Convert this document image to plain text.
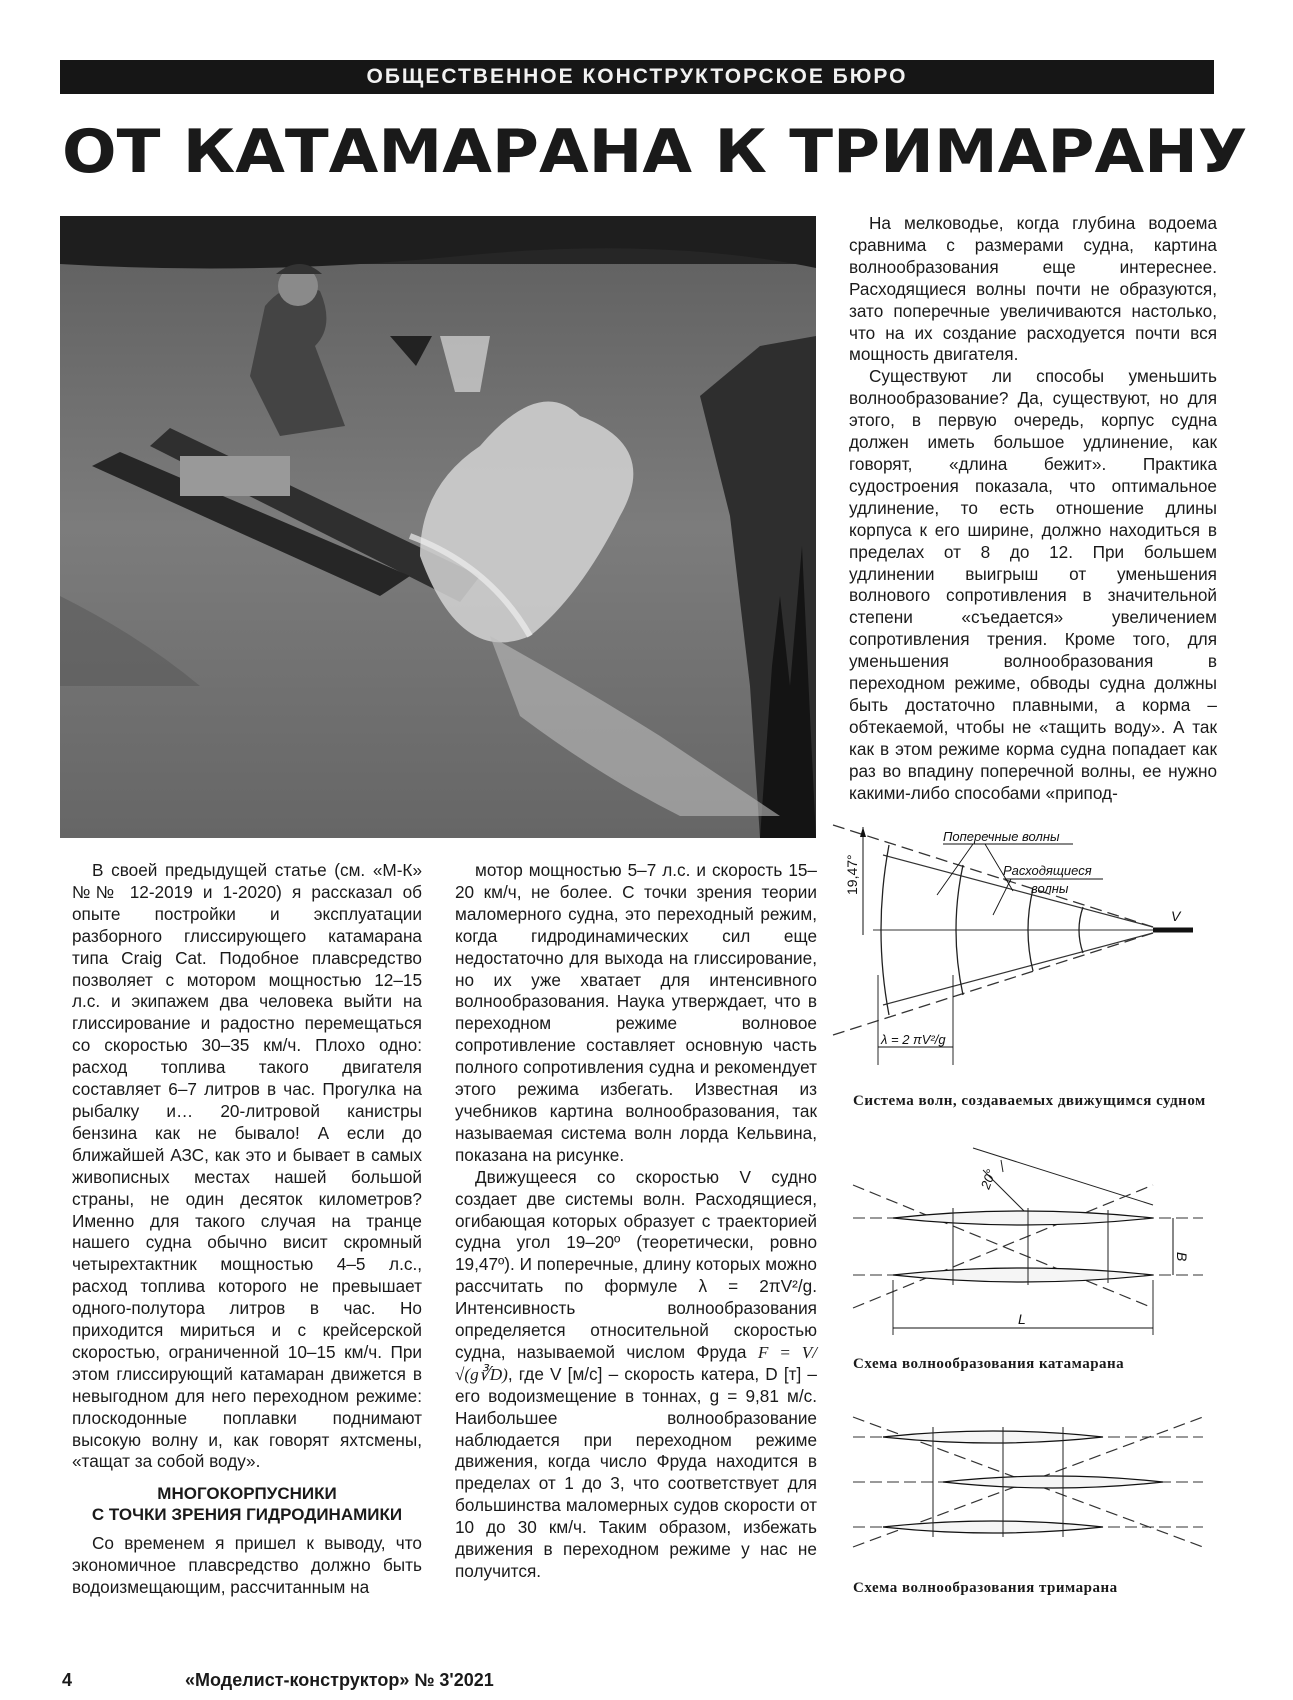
ОБЩЕСТВЕННОЕ КОНСТРУКТОРСКОЕ БЮРО
ОТ КАТАМАРАНА К ТРИМАРАНУ

На мелководье, когда глубина водоема сравнима с размерами судна, картина волнообразования еще интереснее. Расходящиеся волны почти не образуются, зато поперечные увеличиваются настолько, что на их создание расходуется почти вся мощность двигателя.

Существуют ли способы уменьшить волнообразование? Да, существуют, но для этого, в первую очередь, корпус судна должен иметь большое удлинение, как говорят, «длина бежит». Практика судостроения показала, что оптимальное удлинение, то есть отношение длины корпуса к его ширине, должно находиться в пределах от 8 до 12. При большем удлинении выигрыш от уменьшения волнового сопротивления в значительной степени «съедается» увеличением сопротивления трения. Кроме того, для уменьшения волнообразования в переходном режиме, обводы судна должны быть достаточно плавными, а корма – обтекаемой, чтобы не «тащить воду». А так как в этом режиме корма судна попадает как раз во впадину поперечной волны, ее нужно какими-либо способами «припод-

19,47°
Поперечные волны
Расходящиеся
волны
V
λ = 2 πV²/g

Система волн, создаваемых движущимся судном

20°
B
L

Схема волнообразования катамарана

Схема волнообразования тримарана

В своей предыдущей статье (см. «М-К» №№ 12-2019 и 1-2020) я рассказал об опыте постройки и эксплуатации разборного глиссирующего катамарана типа Craig Cat. Подобное плавсредство позволяет с мотором мощностью 12–15 л.с. и экипажем два человека выйти на глиссирование и радостно перемещаться со скоростью 30–35 км/ч. Плохо одно: расход топлива такого двигателя составляет 6–7 литров в час. Прогулка на рыбалку и… 20-литровой канистры бензина как не бывало! А если до ближайшей АЗС, как это и бывает в самых живописных местах нашей большой страны, не один десяток километров? Именно для такого случая на транце нашего судна обычно висит скромный четырехтактник мощностью 4–5 л.с., расход топлива которого не превышает одного-полутора литров в час. Но приходится мириться и с крейсерской скоростью, ограниченной 10–15 км/ч. При этом глиссирующий катамаран движется в невыгодном для него переходном режиме: плоскодонные поплавки поднимают высокую волну и, как говорят яхтсмены, «тащат за собой воду».

МНОГОКОРПУСНИКИ
С ТОЧКИ ЗРЕНИЯ ГИДРОДИНАМИКИ

Со временем я пришел к выводу, что экономичное плавсредство должно быть водоизмещающим, рассчитанным на

мотор мощностью 5–7 л.с. и скорость 15–20 км/ч, не более. С точки зрения теории маломерного судна, это переходный режим, когда гидродинамических сил еще недостаточно для выхода на глиссирование, но их уже хватает для интенсивного волнообразования. Наука утверждает, что в переходном режиме волновое сопротивление составляет основную часть полного сопротивления судна и рекомендует этого режима избегать. Известная из учебников картина волнообразования, так называемая система волн лорда Кельвина, показана на рисунке.

Движущееся со скоростью V судно создает две системы волн. Расходящиеся, огибающая которых образует с траекторией судна угол 19–20º (теоретически, ровно 19,47º). И поперечные, длину которых можно рассчитать по формуле λ = 2πV²/g. Интенсивность волнообразования определяется относительной скоростью судна, называемой числом Фруда F = V/√(g∛D), где V [м/с] – скорость катера, D [т] – его водоизмещение в тоннах, g = 9,81 м/с. Наибольшее волнообразование наблюдается при переходном режиме движения, когда число Фруда находится в пределах от 1 до 3, что соответствует для большинства маломерных судов скорости от 10 до 30 км/ч. Таким образом, избежать движения в переходном режиме у нас не получится.

4	«Моделист-конструктор» № 3'2021
